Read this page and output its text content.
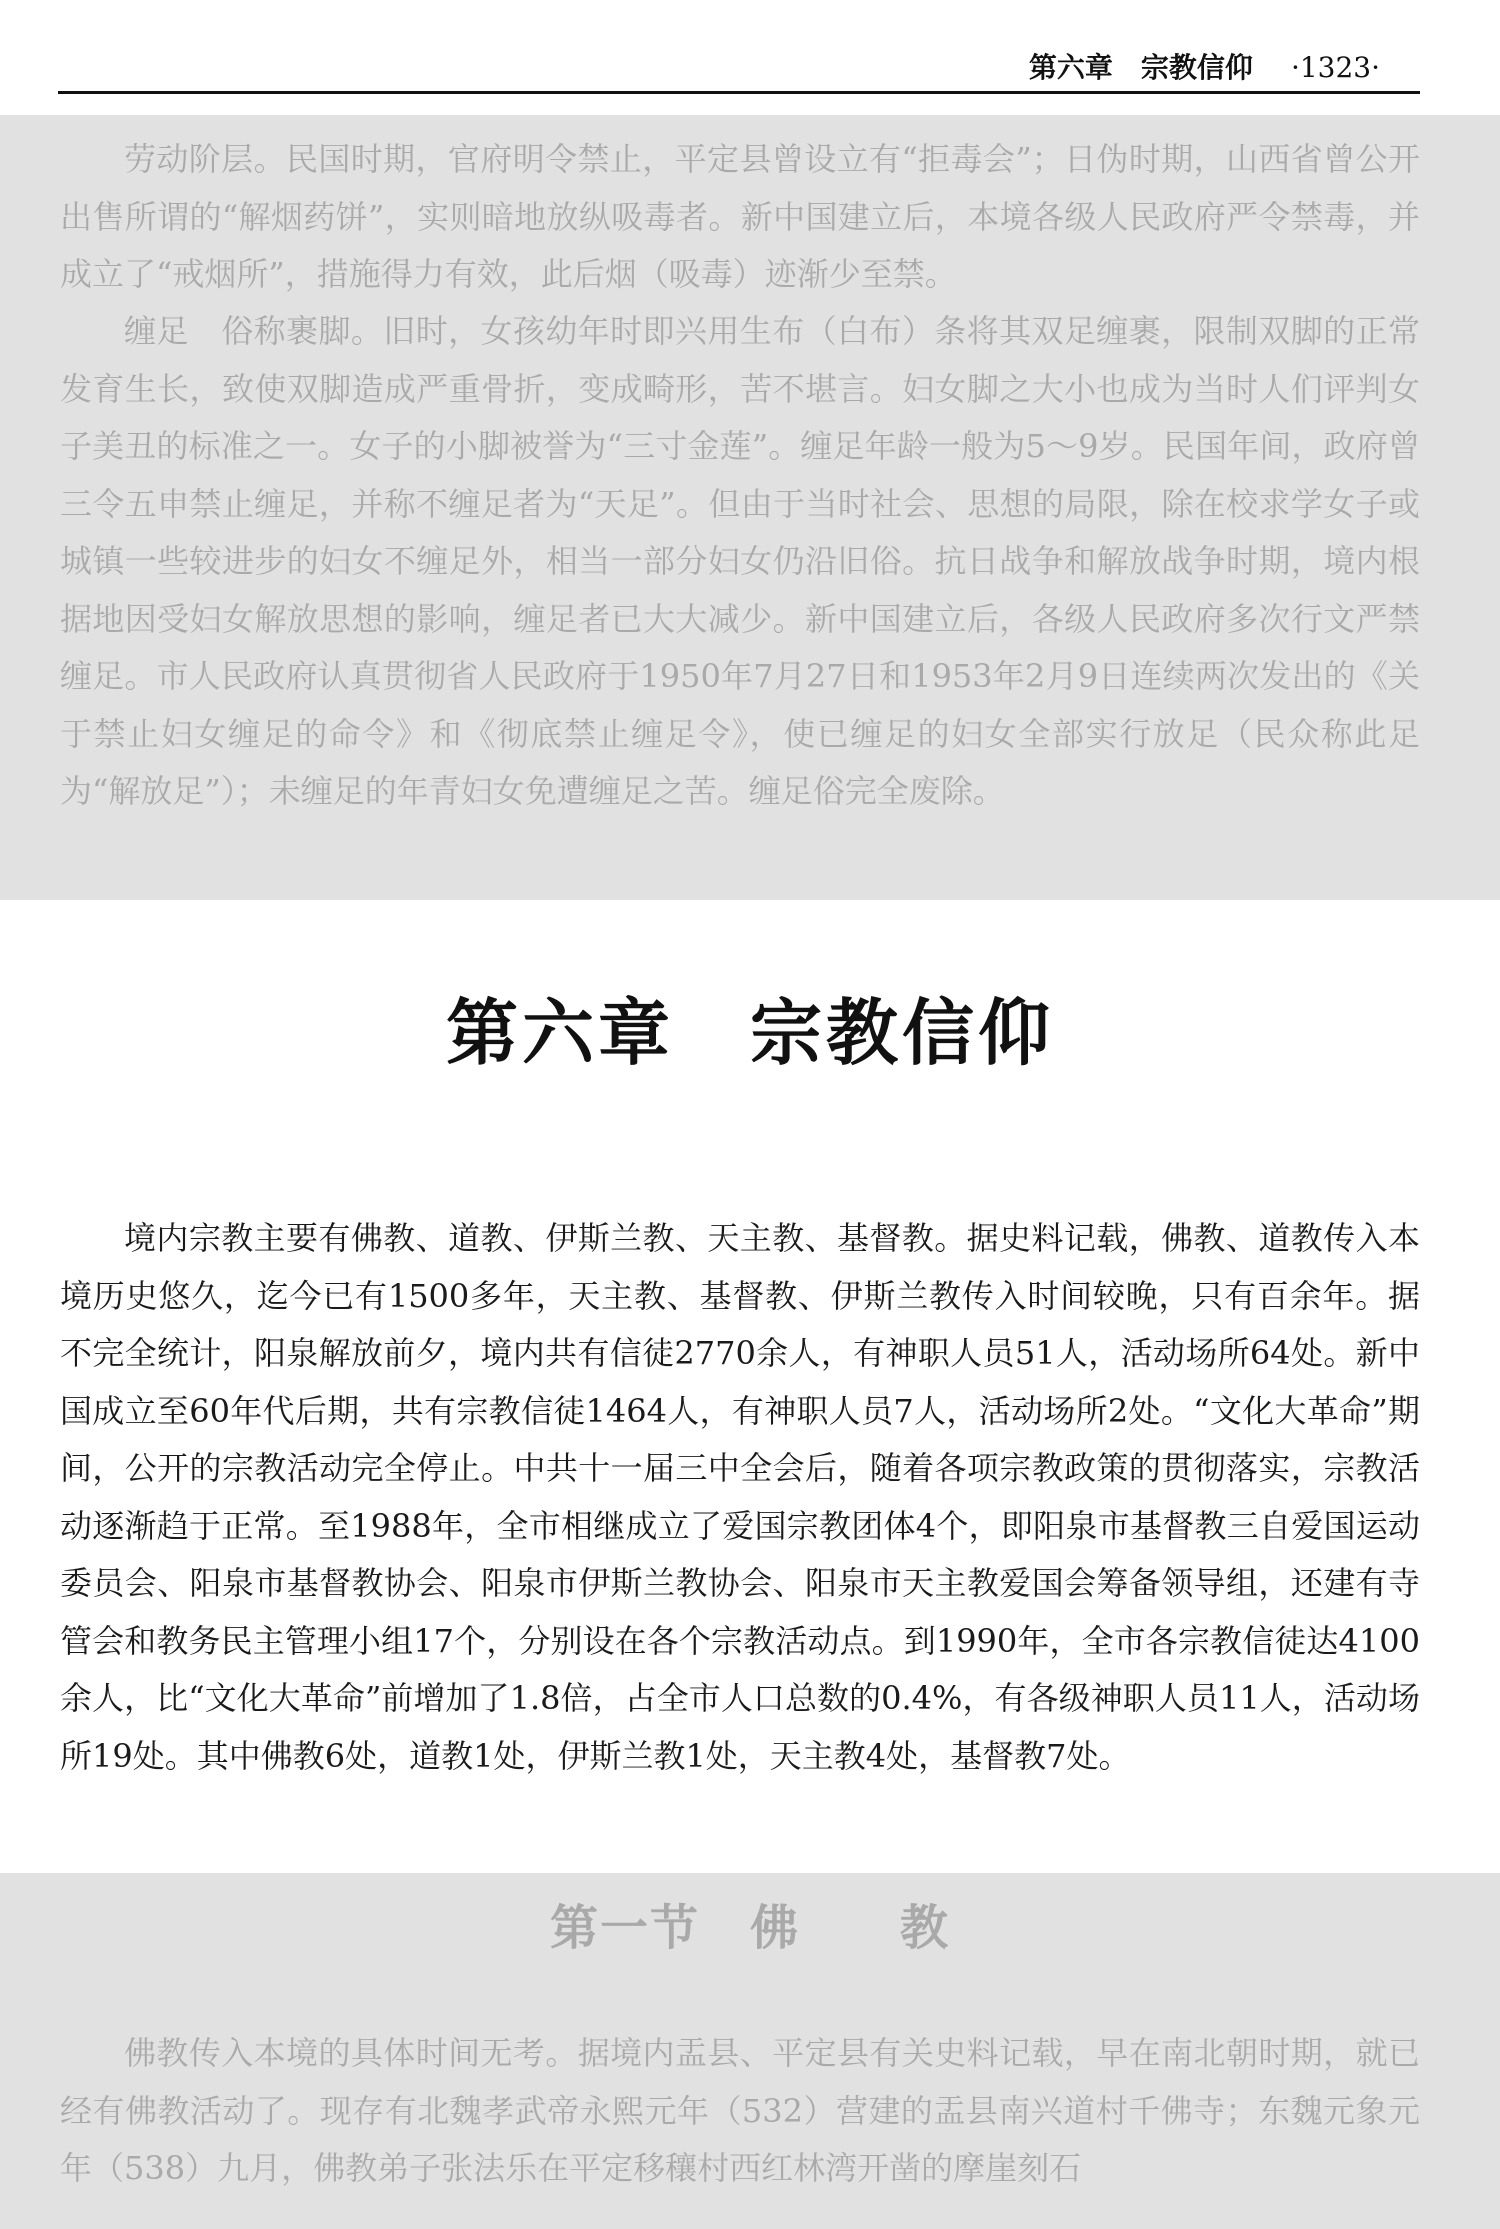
第六章　宗教信仰 ·1323·

劳动阶层。民国时期，官府明令禁止，平定县曾设立有“拒毒会”；日伪时期，山西省曾公开出售所谓的“解烟药饼”，实则暗地放纵吸毒者。新中国建立后，本境各级人民政府严令禁毒，并成立了“戒烟所”，措施得力有效，此后烟（吸毒）迹渐少至禁。

缠足　俗称裹脚。旧时，女孩幼年时即兴用生布（白布）条将其双足缠裹，限制双脚的正常发育生长，致使双脚造成严重骨折，变成畸形，苦不堪言。妇女脚之大小也成为当时人们评判女子美丑的标准之一。女子的小脚被誉为“三寸金莲”。缠足年龄一般为5～9岁。民国年间，政府曾三令五申禁止缠足，并称不缠足者为“天足”。但由于当时社会、思想的局限，除在校求学女子或城镇一些较进步的妇女不缠足外，相当一部分妇女仍沿旧俗。抗日战争和解放战争时期，境内根据地因受妇女解放思想的影响，缠足者已大大减少。新中国建立后，各级人民政府多次行文严禁缠足。市人民政府认真贯彻省人民政府于1950年7月27日和1953年2月9日连续两次发出的《关于禁止妇女缠足的命令》和《彻底禁止缠足令》，使已缠足的妇女全部实行放足（民众称此足为“解放足”）；未缠足的年青妇女免遭缠足之苦。缠足俗完全废除。

第六章　宗教信仰

境内宗教主要有佛教、道教、伊斯兰教、天主教、基督教。据史料记载，佛教、道教传入本境历史悠久，迄今已有1500多年，天主教、基督教、伊斯兰教传入时间较晚，只有百余年。据不完全统计，阳泉解放前夕，境内共有信徒2770余人，有神职人员51人，活动场所64处。新中国成立至60年代后期，共有宗教信徒1464人，有神职人员7人，活动场所2处。“文化大革命”期间，公开的宗教活动完全停止。中共十一届三中全会后，随着各项宗教政策的贯彻落实，宗教活动逐渐趋于正常。至1988年，全市相继成立了爱国宗教团体4个，即阳泉市基督教三自爱国运动委员会、阳泉市基督教协会、阳泉市伊斯兰教协会、阳泉市天主教爱国会筹备领导组，还建有寺管会和教务民主管理小组17个，分别设在各个宗教活动点。到1990年，全市各宗教信徒达4100余人，比“文化大革命”前增加了1.8倍，占全市人口总数的0.4%，有各级神职人员11人，活动场所19处。其中佛教6处，道教1处，伊斯兰教1处，天主教4处，基督教7处。

第一节　佛　　教

佛教传入本境的具体时间无考。据境内盂县、平定县有关史料记载，早在南北朝时期，就已经有佛教活动了。现存有北魏孝武帝永熙元年（532）营建的盂县南兴道村千佛寺；东魏元象元年（538）九月，佛教弟子张法乐在平定移穰村西红林湾开凿的摩崖刻石
